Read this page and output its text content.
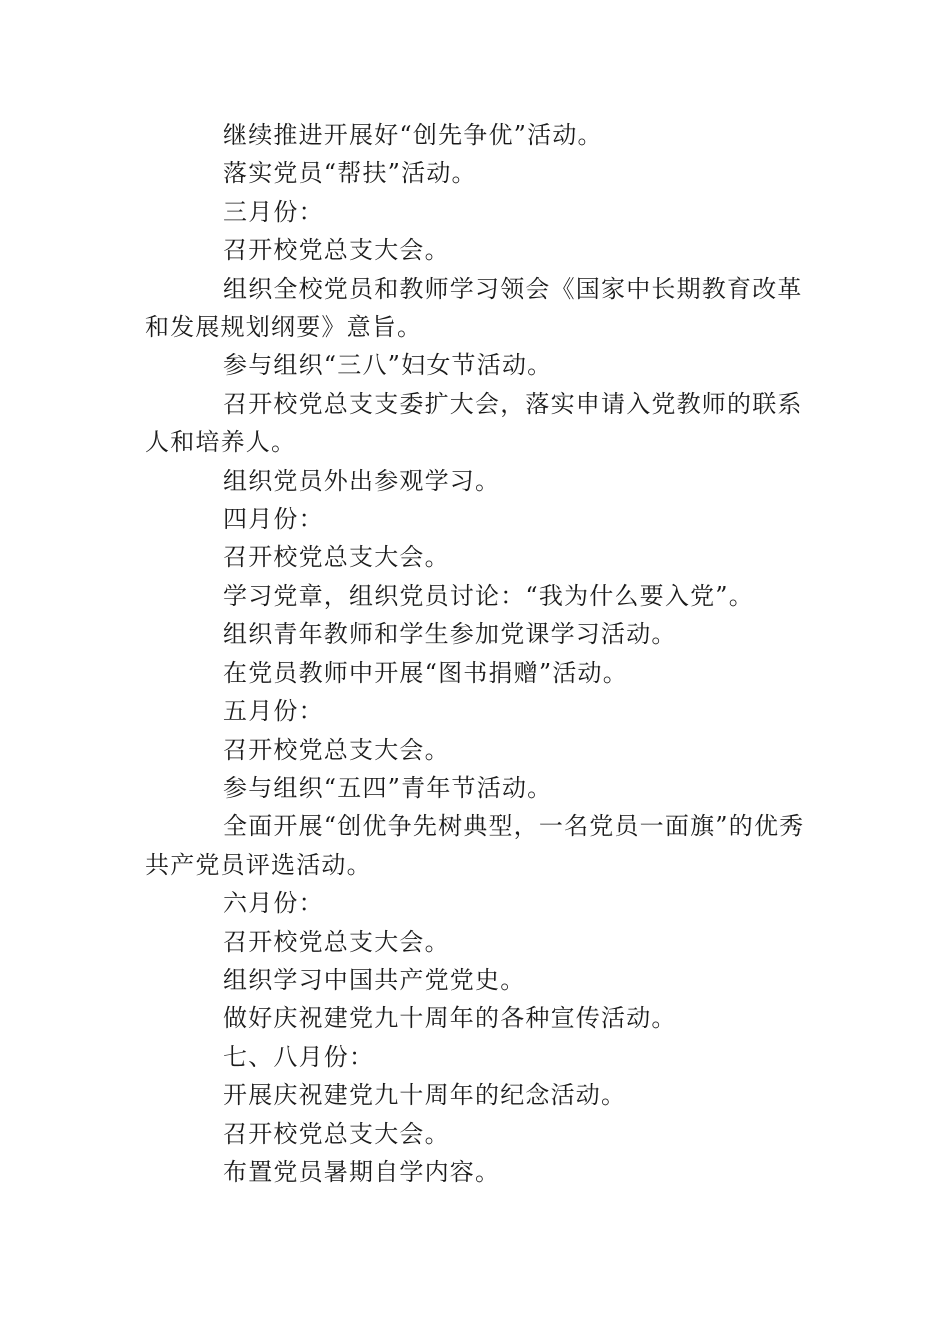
继续推进开展好“创先争优”活动。

落实党员“帮扶”活动。

三月份：

召开校党总支大会。

组织全校党员和教师学习领会《国家中长期教育改革和发展规划纲要》意旨。

参与组织“三八”妇女节活动。

召开校党总支支委扩大会，落实申请入党教师的联系人和培养人。

组织党员外出参观学习。

四月份：

召开校党总支大会。

学习党章，组织党员讨论：“我为什么要入党”。

组织青年教师和学生参加党课学习活动。

在党员教师中开展“图书捐赠”活动。

五月份：

召开校党总支大会。

参与组织“五四”青年节活动。

全面开展“创优争先树典型，一名党员一面旗”的优秀共产党员评选活动。

六月份：

召开校党总支大会。

组织学习中国共产党党史。

做好庆祝建党九十周年的各种宣传活动。

七、八月份：

开展庆祝建党九十周年的纪念活动。

召开校党总支大会。

布置党员暑期自学内容。
